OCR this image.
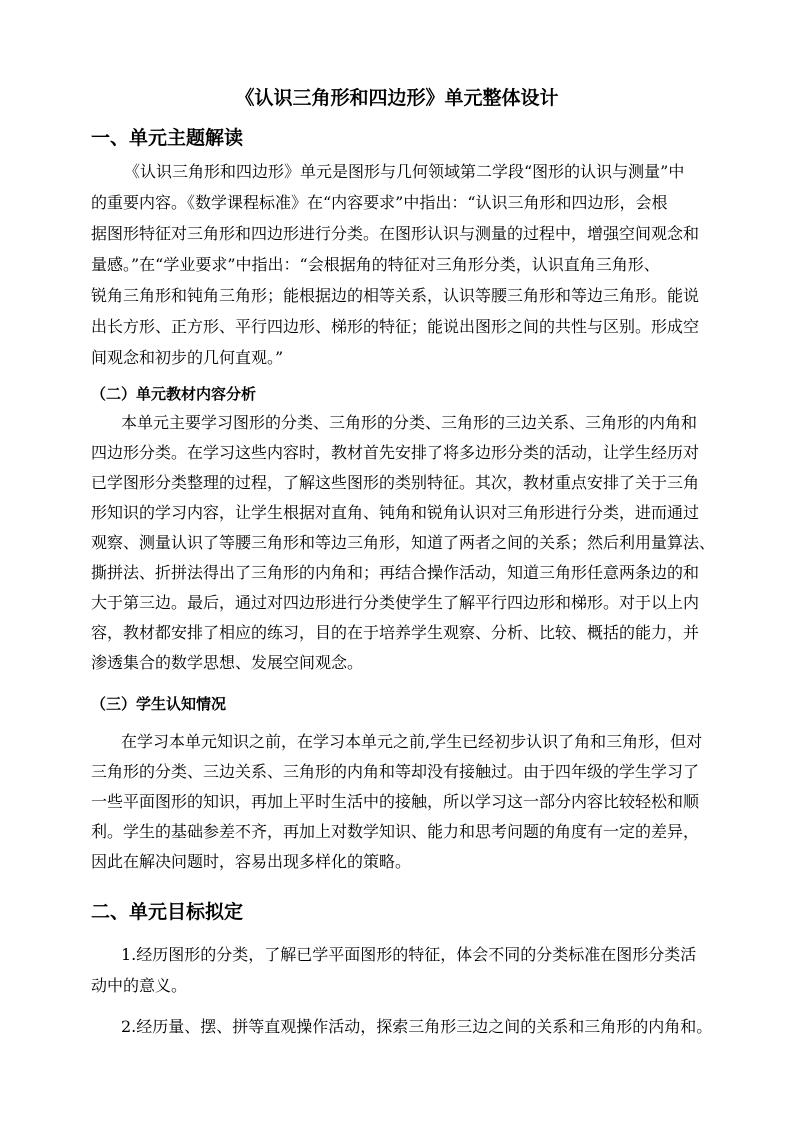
《认识三角形和四边形》单元整体设计
一、单元主题解读
《认识三角形和四边形》单元是图形与几何领域第二学段“图形的认识与测量”中
的重要内容。《数学课程标准》在“内容要求”中指出：“认识三角形和四边形，会根
据图形特征对三角形和四边形进行分类。在图形认识与测量的过程中，增强空间观念和
量感。”在“学业要求”中指出：“会根据角的特征对三角形分类，认识直角三角形、
锐角三角形和钝角三角形；能根据边的相等关系，认识等腰三角形和等边三角形。能说
出长方形、正方形、平行四边形、梯形的特征；能说出图形之间的共性与区别。形成空
间观念和初步的几何直观。”
（二）单元教材内容分析
本单元主要学习图形的分类、三角形的分类、三角形的三边关系、三角形的内角和
四边形分类。在学习这些内容时，教材首先安排了将多边形分类的活动，让学生经历对
已学图形分类整理的过程，了解这些图形的类别特征。其次，教材重点安排了关于三角
形知识的学习内容，让学生根据对直角、钝角和锐角认识对三角形进行分类，进而通过
观察、测量认识了等腰三角形和等边三角形，知道了两者之间的关系；然后利用量算法、
撕拼法、折拼法得出了三角形的内角和；再结合操作活动，知道三角形任意两条边的和
大于第三边。最后，通过对四边形进行分类使学生了解平行四边形和梯形。对于以上内
容，教材都安排了相应的练习，目的在于培养学生观察、分析、比较、概括的能力，并
渗透集合的数学思想、发展空间观念。
（三）学生认知情况
在学习本单元知识之前，在学习本单元之前,学生已经初步认识了角和三角形，但对
三角形的分类、三边关系、三角形的内角和等却没有接触过。由于四年级的学生学习了
一些平面图形的知识，再加上平时生活中的接触，所以学习这一部分内容比较轻松和顺
利。学生的基础参差不齐，再加上对数学知识、能力和思考问题的角度有一定的差异，
因此在解决问题时，容易出现多样化的策略。
二、单元目标拟定
1.经历图形的分类，了解已学平面图形的特征，体会不同的分类标准在图形分类活
动中的意义。
2.经历量、摆、拼等直观操作活动，探索三角形三边之间的关系和三角形的内角和。
